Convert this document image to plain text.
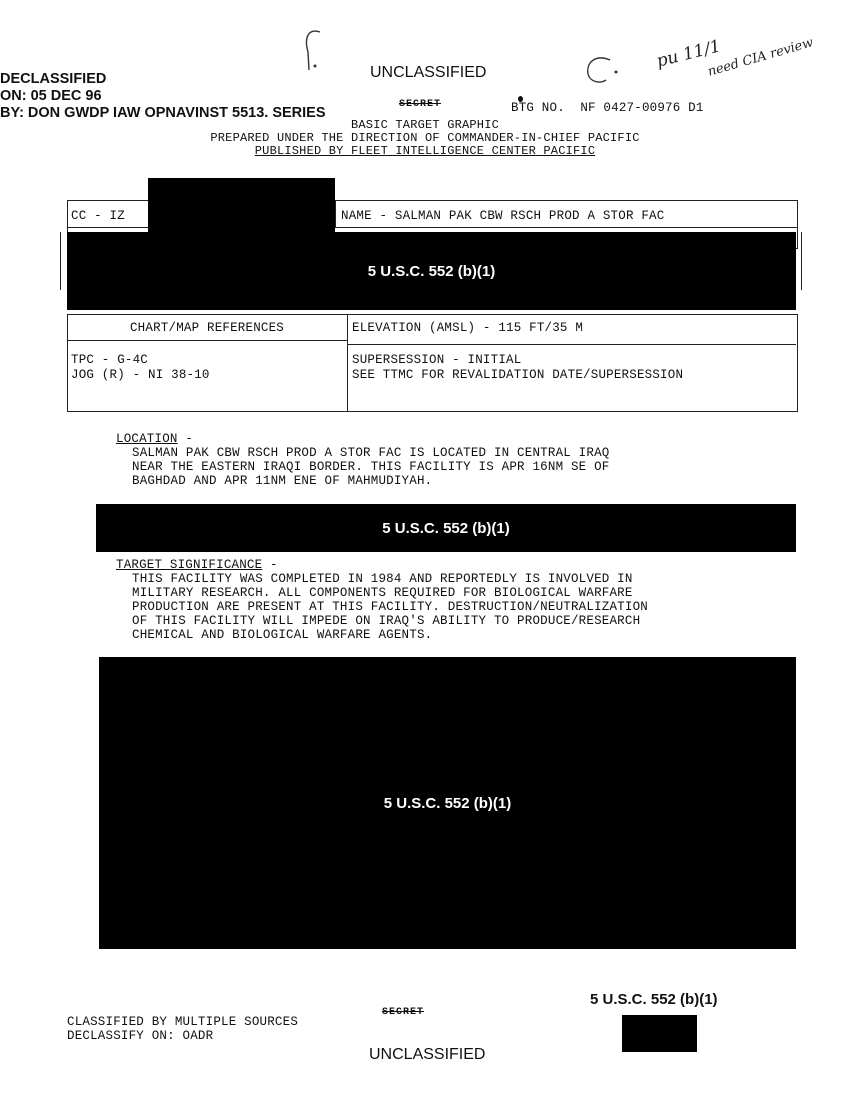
DECLASSIFIED
ON: 05 DEC 96
BY: DON GWDP IAW OPNAVINST 5513. SERIES
UNCLASSIFIED
SECRET	BTG NO. NF 0427-00976 D1
pu 11/1
need CIA review
BASIC TARGET GRAPHIC
PREPARED UNDER THE DIRECTION OF COMMANDER-IN-CHIEF PACIFIC
PUBLISHED BY FLEET INTELLIGENCE CENTER PACIFIC
CC - IZ	NAME - SALMAN PAK CBW RSCH PROD A STOR FAC
5 U.S.C. 552 (b)(1)
CHART/MAP REFERENCES
TPC - G-4C
JOG (R) - NI 38-10
ELEVATION (AMSL) - 115 FT/35 M
SUPERSESSION - INITIAL
SEE TTMC FOR REVALIDATION DATE/SUPERSESSION
LOCATION -
SALMAN PAK CBW RSCH PROD A STOR FAC IS LOCATED IN CENTRAL IRAQ
NEAR THE EASTERN IRAQI BORDER. THIS FACILITY IS APR 16NM SE OF
BAGHDAD AND APR 11NM ENE OF MAHMUDIYAH.
5 U.S.C. 552 (b)(1)
TARGET SIGNIFICANCE -
THIS FACILITY WAS COMPLETED IN 1984 AND REPORTEDLY IS INVOLVED IN
MILITARY RESEARCH. ALL COMPONENTS REQUIRED FOR BIOLOGICAL WARFARE
PRODUCTION ARE PRESENT AT THIS FACILITY. DESTRUCTION/NEUTRALIZATION
OF THIS FACILITY WILL IMPEDE ON IRAQ'S ABILITY TO PRODUCE/RESEARCH
CHEMICAL AND BIOLOGICAL WARFARE AGENTS.
5 U.S.C. 552 (b)(1)
CLASSIFIED BY MULTIPLE SOURCES
DECLASSIFY ON: OADR
SECRET
UNCLASSIFIED
5 U.S.C. 552 (b)(1)
